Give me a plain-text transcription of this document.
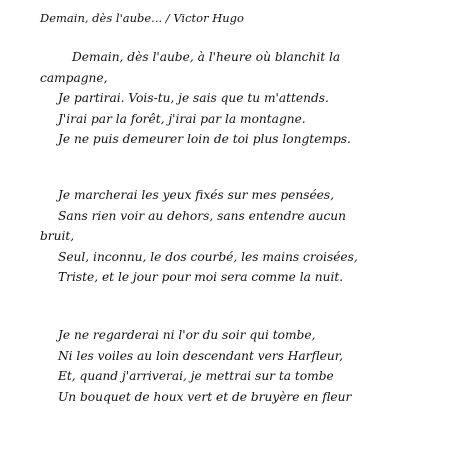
Demain, dès l'aube... / Victor Hugo
Demain, dès l'aube, à l'heure où blanchit la
campagne,
Je partirai. Vois-tu, je sais que tu m'attends.
J'irai par la forêt, j'irai par la montagne.
Je ne puis demeurer loin de toi plus longtemps.
Je marcherai les yeux fixés sur mes pensées,
Sans rien voir au dehors, sans entendre aucun
bruit,
Seul, inconnu, le dos courbé, les mains croisées,
Triste, et le jour pour moi sera comme la nuit.
Je ne regarderai ni l'or du soir qui tombe,
Ni les voiles au loin descendant vers Harfleur,
Et, quand j'arriverai, je mettrai sur ta tombe
Un bouquet de houx vert et de bruyère en fleur
